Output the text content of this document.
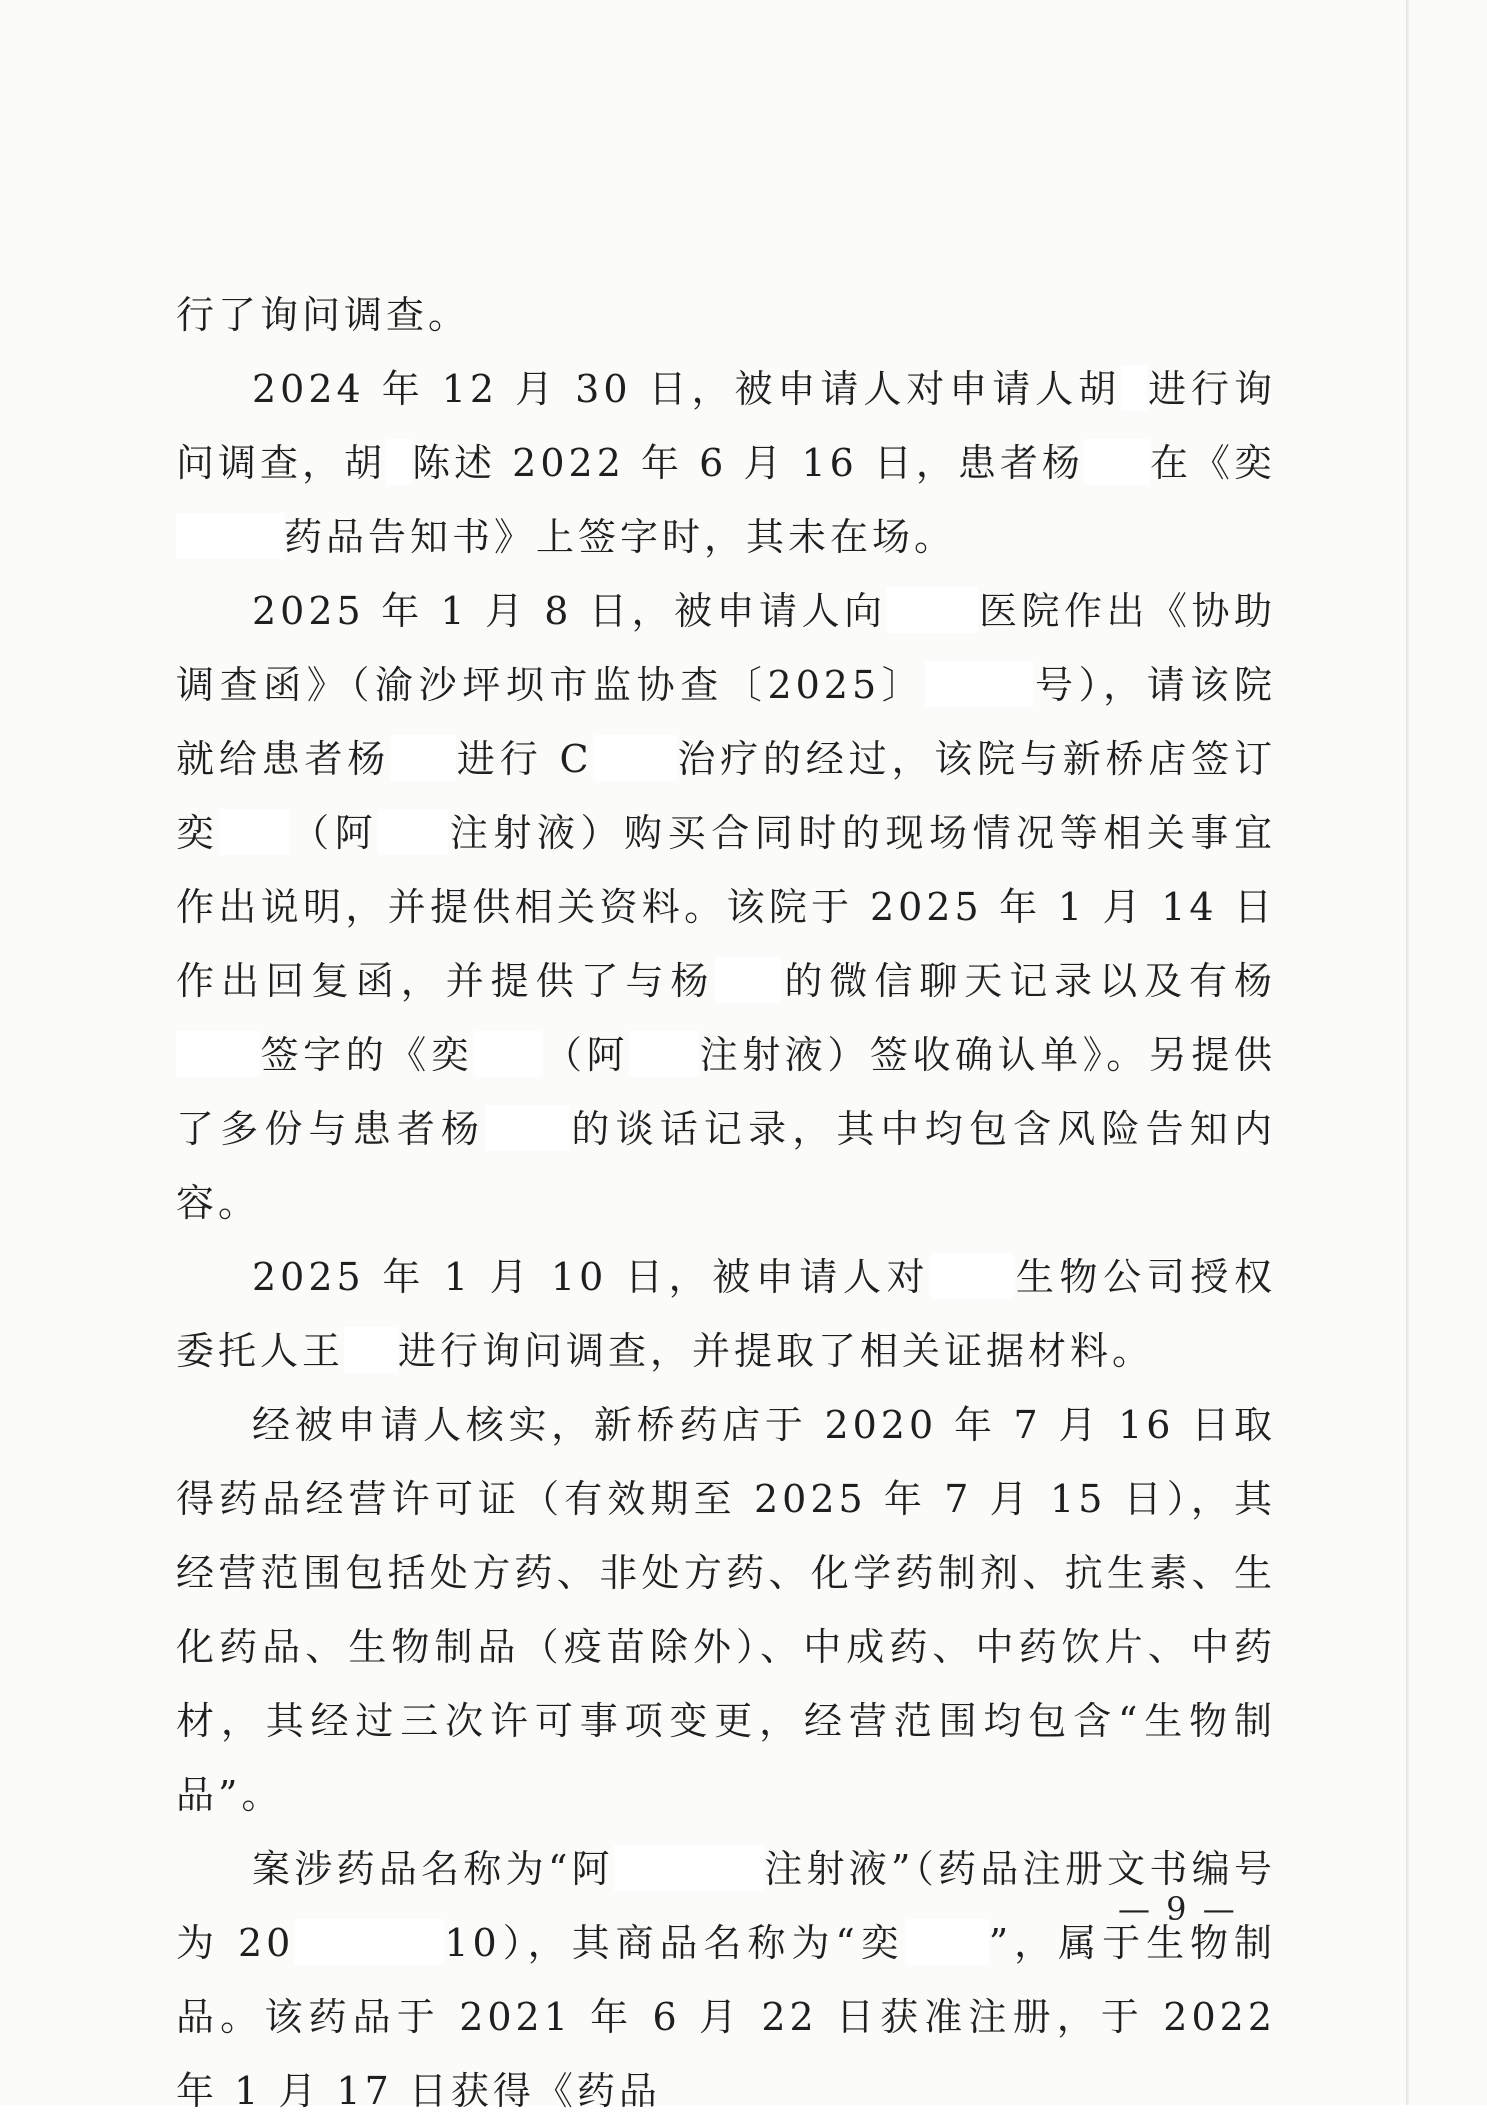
行了询问调查。

2024 年 12 月 30 日，被申请人对申请人胡 进行询问调查，胡 陈述 2022 年 6 月 16 日，患者杨 在《奕药品告知书》上签字时，其未在场。

2025 年 1 月 8 日，被申请人向 医院作出《协助调查函》（渝沙坪坝市监协查〔2025〕	号），请该院就给患者杨 进行 C 治疗的经过，该院与新桥店签订奕 （阿 注射液）购买合同时的现场情况等相关事宜作出说明，并提供相关资料。该院于 2025 年 1 月 14 日作出回复函，并提供了与杨 的微信聊天记录以及有杨签字的《奕 （阿 注射液）签收确认单》。另提供了多份与患者杨 的谈话记录，其中均包含风险告知内容。

2025 年 1 月 10 日，被申请人对 生物公司授权委托人王 进行询问调查，并提取了相关证据材料。

经被申请人核实，新桥药店于 2020 年 7 月 16 日取得药品经营许可证（有效期至 2025 年 7 月 15 日），其经营范围包括处方药、非处方药、化学药制剂、抗生素、生化药品、生物制品（疫苗除外）、中成药、中药饮片、中药材，其经过三次许可事项变更，经营范围均包含“生物制品”。

案涉药品名称为“阿	注射液”（药品注册文书编号为 20	10），其商品名称为“奕 ”，属于生物制品。该药品于 2021 年 6 月 22 日获准注册，于 2022 年 1 月 17 日获得《药品

— 9 —
